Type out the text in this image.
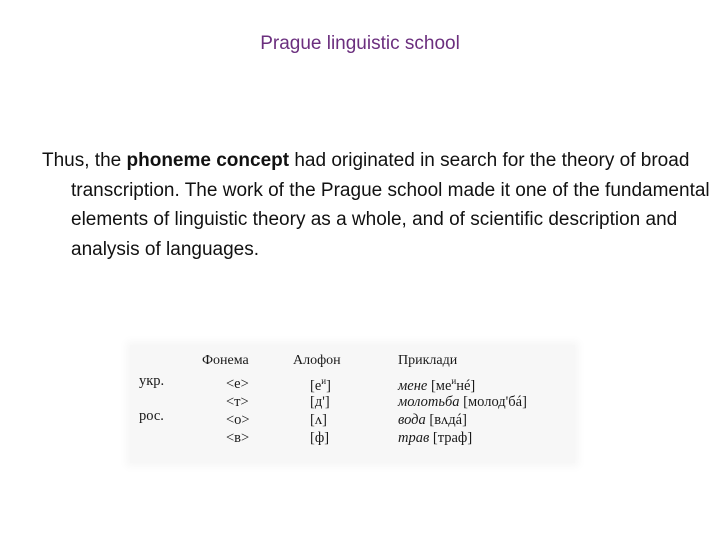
Prague linguistic school
Thus, the phoneme concept had originated in search for the theory of broad transcription. The work of the Prague school made it one of the fundamental elements of linguistic theory as a whole, and of scientific description and analysis of languages.
Фонема	Алофон	Приклади
укр.
рос.
<е>
<т>
<о>
<в>
$[е^и]$
[д']
[ʌ]
[ф]
мене $[ме^инé]$
молотьба [молод'бá]
вода [вʌдá]
трав [траф]
